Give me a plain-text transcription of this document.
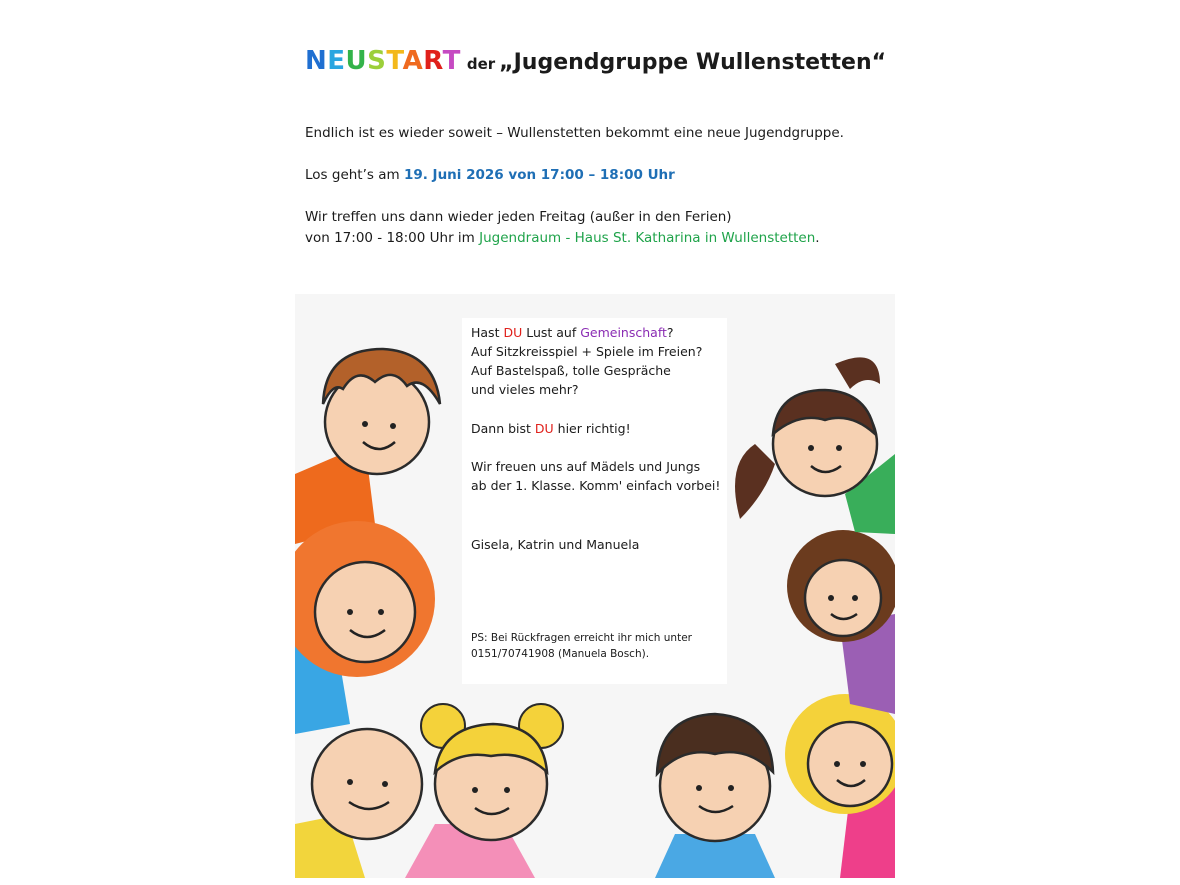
NEUSTART der „Jugendgruppe Wullenstetten“
Endlich ist es wieder soweit – Wullenstetten bekommt eine neue Jugendgruppe.
Los geht’s am 19. Juni 2026 von 17:00 – 18:00 Uhr
Wir treffen uns dann wieder jeden Freitag (außer in den Ferien)
von 17:00 - 18:00 Uhr im Jugendraum - Haus St. Katharina in Wullenstetten.
Hast DU Lust auf Gemeinschaft?
Auf Sitzkreisspiel + Spiele im Freien?
Auf Bastelspaß, tolle Gespräche
und vieles mehr?
Dann bist DU hier richtig!
Wir freuen uns auf Mädels und Jungs
ab der 1. Klasse. Komm' einfach vorbei!
Gisela, Katrin und Manuela
PS: Bei Rückfragen erreicht ihr mich unter
0151/70741908 (Manuela Bosch).
